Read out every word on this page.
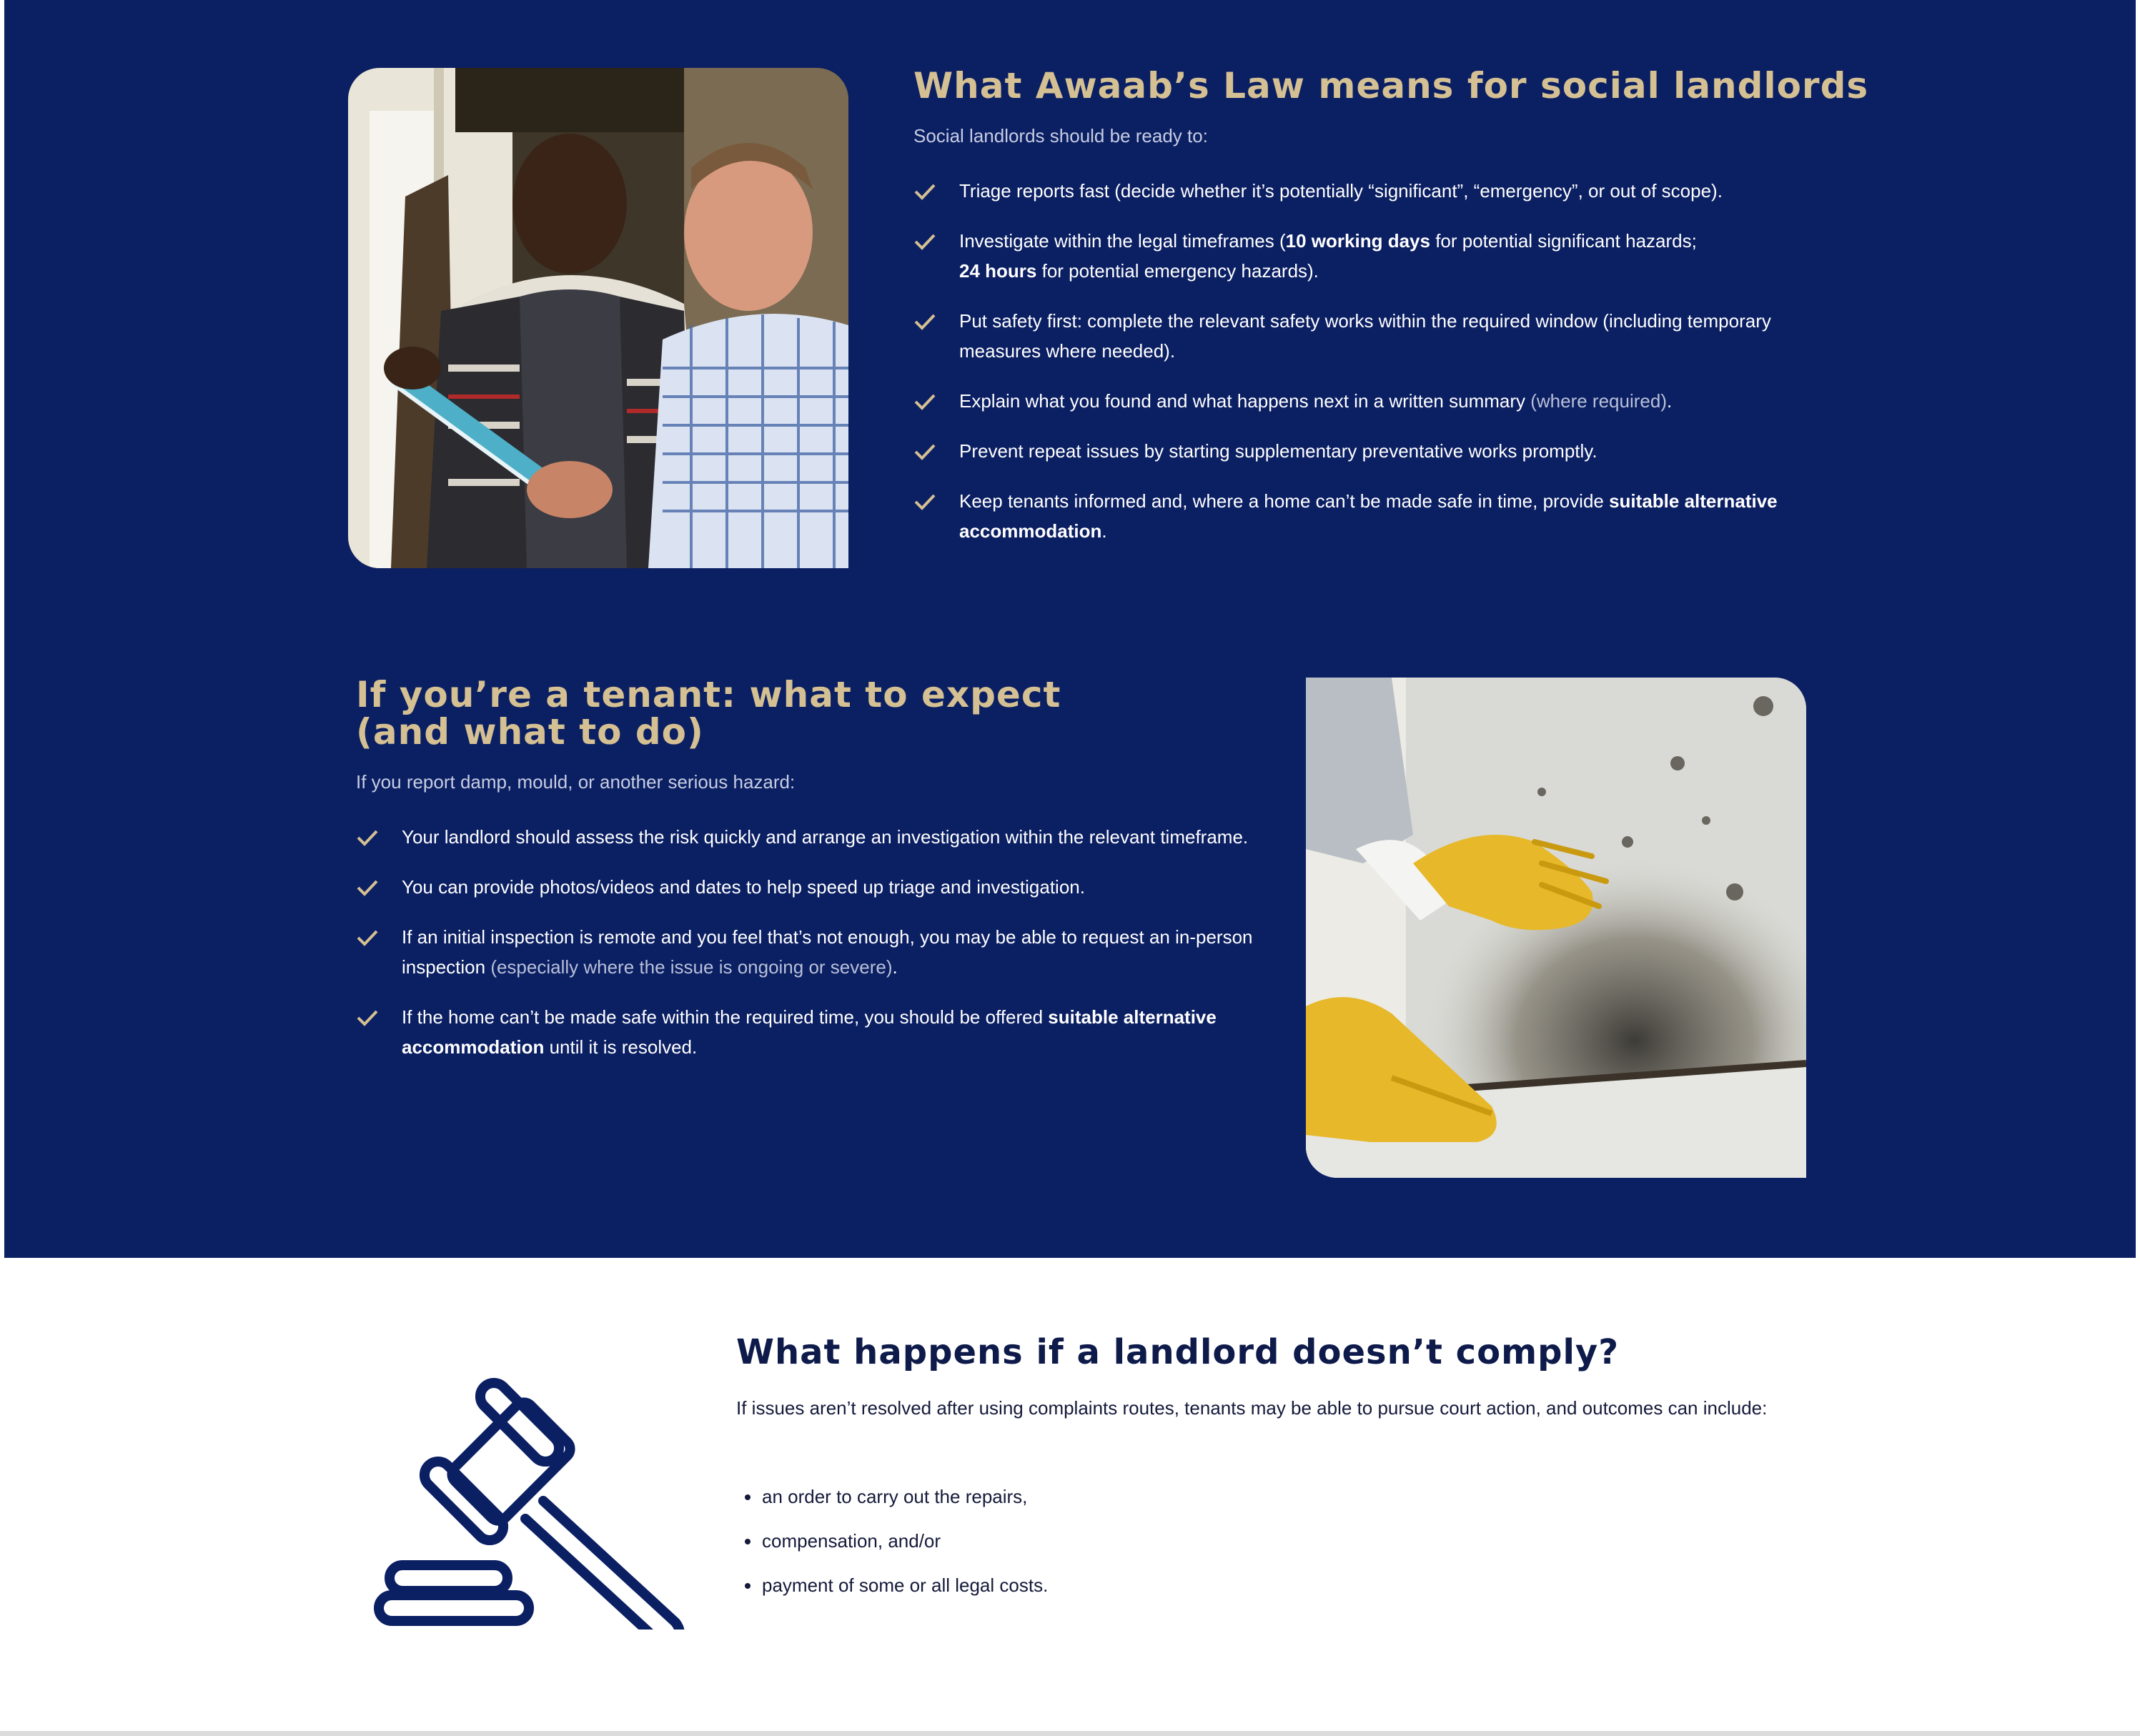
What Awaab’s Law means for social landlords
Social landlords should be ready to:
Triage reports fast (decide whether it’s potentially “significant”, “emergency”, or out of scope).
Investigate within the legal timeframes (10 working days for potential significant hazards;
24 hours for potential emergency hazards).
Put safety first: complete the relevant safety works within the required window (including temporary measures where needed).
Explain what you found and what happens next in a written summary (where required).
Prevent repeat issues by starting supplementary preventative works promptly.
Keep tenants informed and, where a home can’t be made safe in time, provide suitable alternative accommodation.
If you’re a tenant: what to expect
(and what to do)
If you report damp, mould, or another serious hazard:
Your landlord should assess the risk quickly and arrange an investigation within the relevant timeframe.
You can provide photos/videos and dates to help speed up triage and investigation.
If an initial inspection is remote and you feel that’s not enough, you may be able to request an in-person inspection (especially where the issue is ongoing or severe).
If the home can’t be made safe within the required time, you should be offered suitable alternative accommodation until it is resolved.
What happens if a landlord doesn’t comply?
If issues aren’t resolved after using complaints routes, tenants may be able to pursue court action, and outcomes can include:
an order to carry out the repairs,
compensation, and/or
payment of some or all legal costs.
